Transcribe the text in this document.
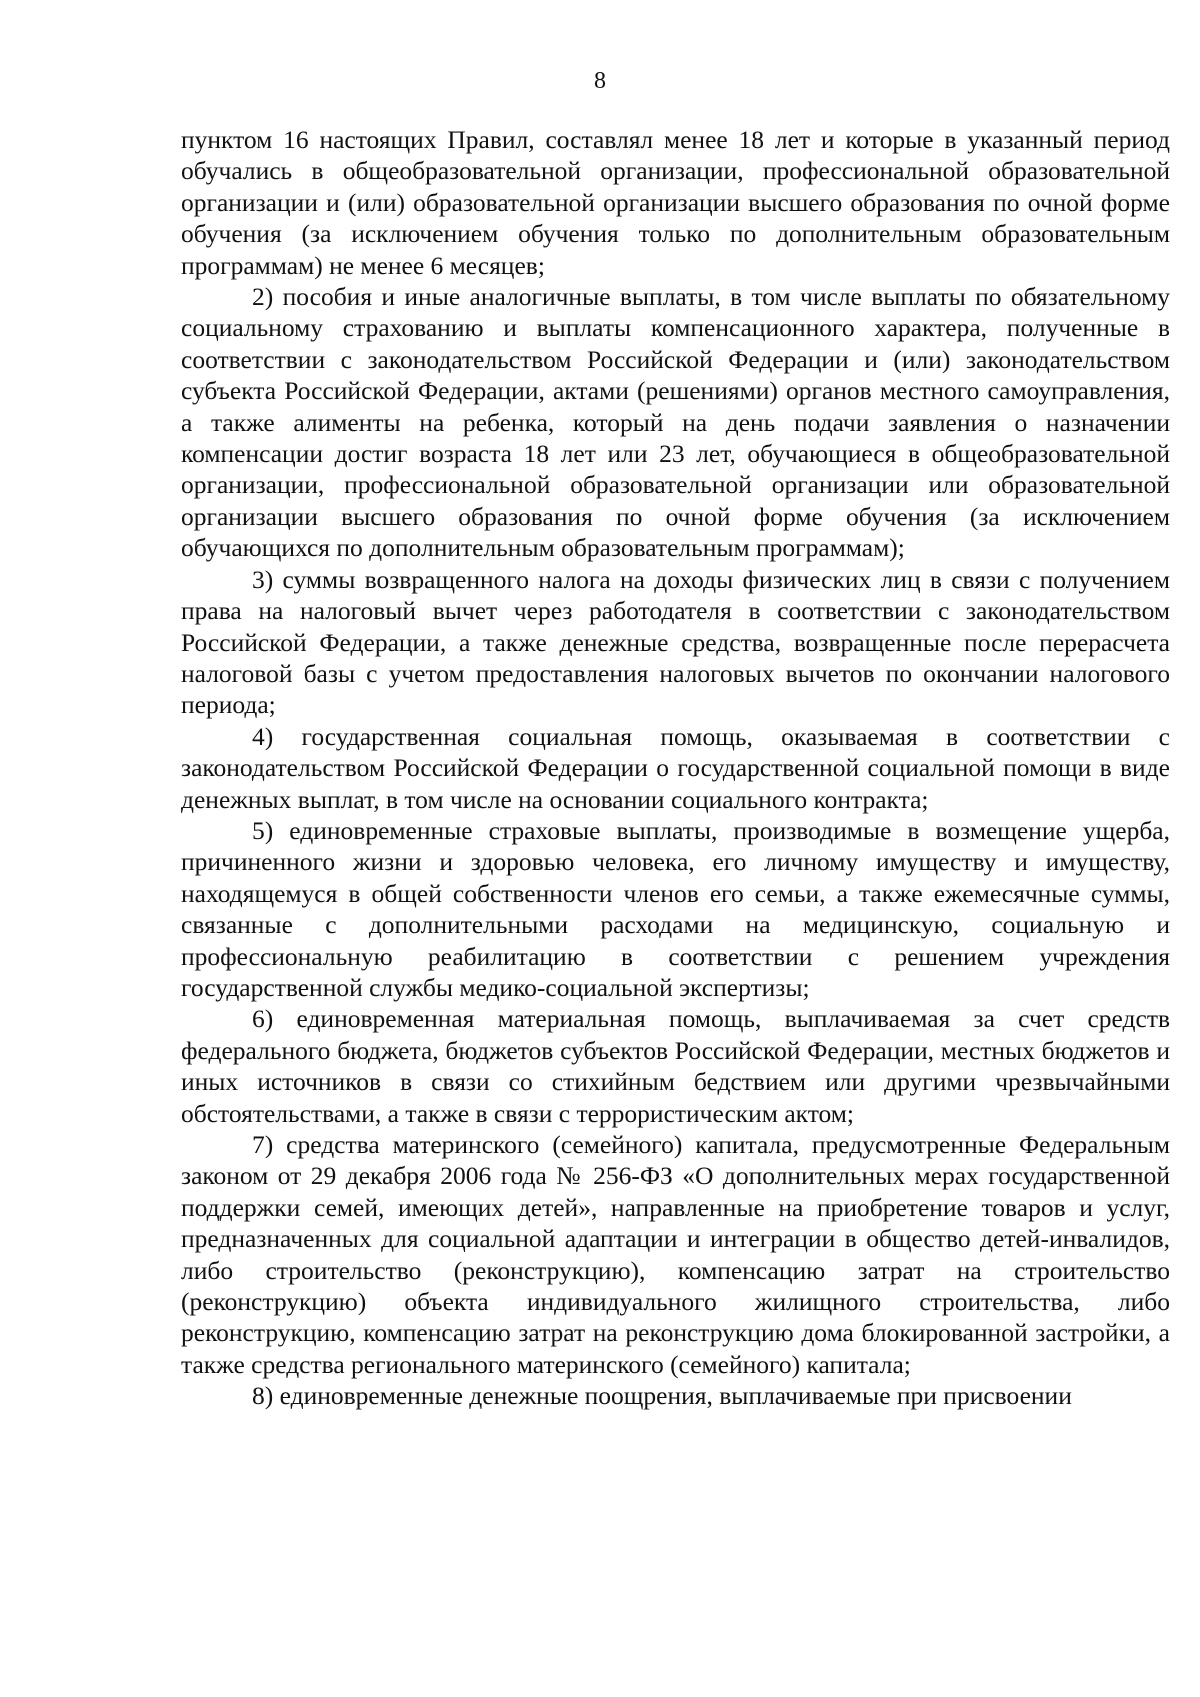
8

пунктом 16 настоящих Правил, составлял менее 18 лет и которые в указанный период обучались в общеобразовательной организации, профессиональной образовательной организации и (или) образовательной организации высшего образования по очной форме обучения (за исключением обучения только по дополнительным образовательным программам) не менее 6 месяцев;

2) пособия и иные аналогичные выплаты, в том числе выплаты по обязательному социальному страхованию и выплаты компенсационного характера, полученные в соответствии с законодательством Российской Федерации и (или) законодательством субъекта Российской Федерации, актами (решениями) органов местного самоуправления, а также алименты на ребенка, который на день подачи заявления о назначении компенсации достиг возраста 18 лет или 23 лет, обучающиеся в общеобразовательной организации, профессиональной образовательной организации или образовательной организации высшего образования по очной форме обучения (за исключением обучающихся по дополнительным образовательным программам);

3) суммы возвращенного налога на доходы физических лиц в связи с получением права на налоговый вычет через работодателя в соответствии с законодательством Российской Федерации, а также денежные средства, возвращенные после перерасчета налоговой базы с учетом предоставления налоговых вычетов по окончании налогового периода;

4) государственная социальная помощь, оказываемая в соответствии с законодательством Российской Федерации о государственной социальной помощи в виде денежных выплат, в том числе на основании социального контракта;

5) единовременные страховые выплаты, производимые в возмещение ущерба, причиненного жизни и здоровью человека, его личному имуществу и имуществу, находящемуся в общей собственности членов его семьи, а также ежемесячные суммы, связанные с дополнительными расходами на медицинскую, социальную и профессиональную реабилитацию в соответствии с решением учреждения государственной службы медико-социальной экспертизы;

6) единовременная материальная помощь, выплачиваемая за счет средств федерального бюджета, бюджетов субъектов Российской Федерации, местных бюджетов и иных источников в связи со стихийным бедствием или другими чрезвычайными обстоятельствами, а также в связи с террористическим актом;

7) средства материнского (семейного) капитала, предусмотренные Федеральным законом от 29 декабря 2006 года № 256-ФЗ «О дополнительных мерах государственной поддержки семей, имеющих детей», направленные на приобретение товаров и услуг, предназначенных для социальной адаптации и интеграции в общество детей-инвалидов, либо строительство (реконструкцию), компенсацию затрат на строительство (реконструкцию) объекта индивидуального жилищного строительства, либо реконструкцию, компенсацию затрат на реконструкцию дома блокированной застройки, а также средства регионального материнского (семейного) капитала;

8) единовременные денежные поощрения, выплачиваемые при присвоении
